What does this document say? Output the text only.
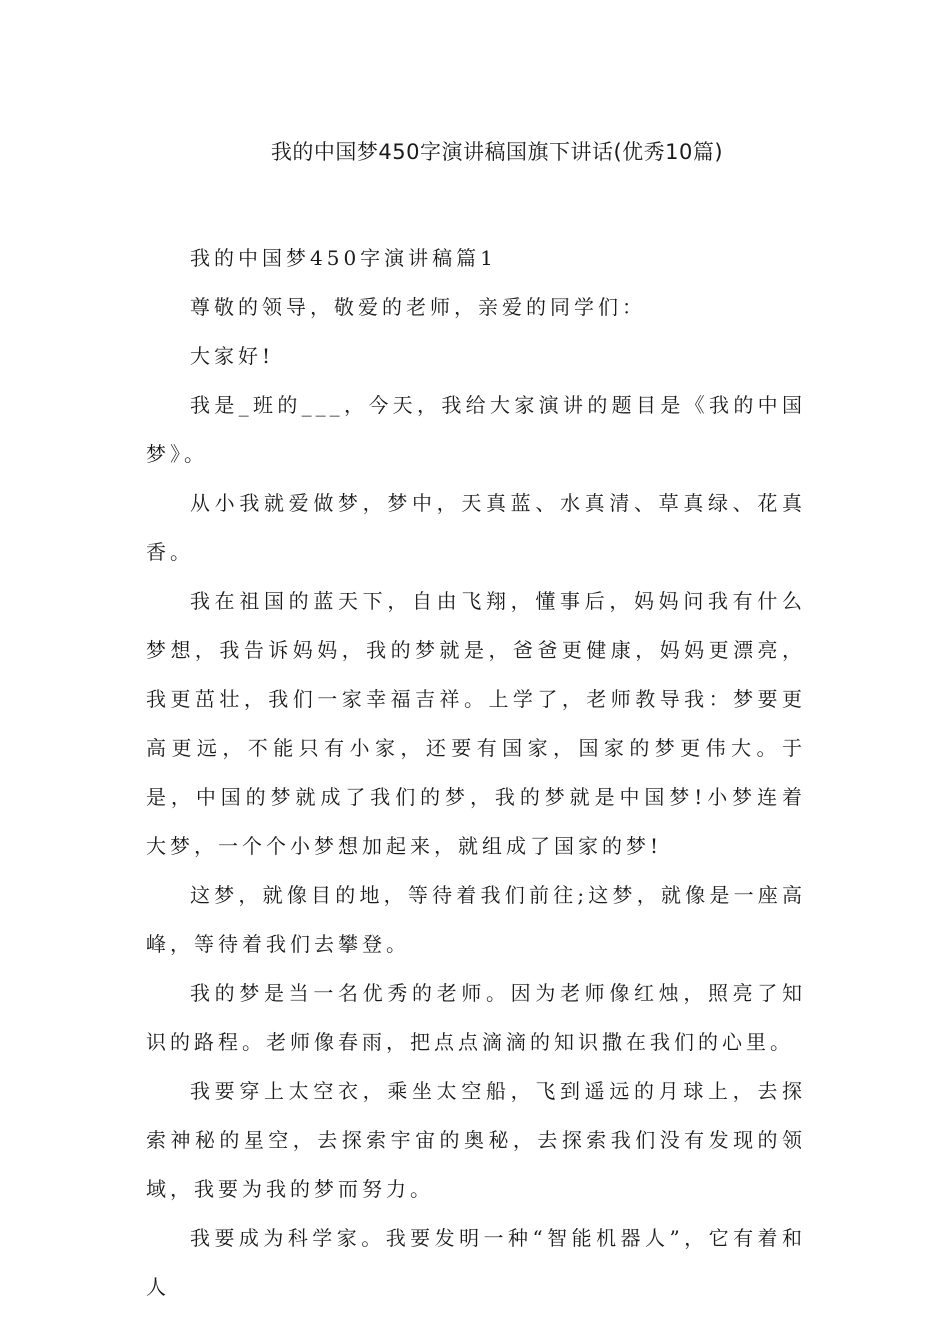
我的中国梦450字演讲稿国旗下讲话(优秀10篇)

我的中国梦450字演讲稿篇1

尊敬的领导，敬爱的老师，亲爱的同学们：

大家好!

我是_班的___，今天，我给大家演讲的题目是《我的中国梦》。

从小我就爱做梦，梦中，天真蓝、水真清、草真绿、花真香。

我在祖国的蓝天下，自由飞翔，懂事后，妈妈问我有什么梦想，我告诉妈妈，我的梦就是，爸爸更健康，妈妈更漂亮，我更茁壮，我们一家幸福吉祥。上学了，老师教导我：梦要更高更远，不能只有小家，还要有国家，国家的梦更伟大。于是，中国的梦就成了我们的梦，我的梦就是中国梦!小梦连着大梦，一个个小梦想加起来，就组成了国家的梦!

这梦，就像目的地，等待着我们前往;这梦，就像是一座高峰，等待着我们去攀登。

我的梦是当一名优秀的老师。因为老师像红烛，照亮了知识的路程。老师像春雨，把点点滴滴的知识撒在我们的心里。

我要穿上太空衣，乘坐太空船，飞到遥远的月球上，去探索神秘的星空，去探索宇宙的奥秘，去探索我们没有发现的领域，我要为我的梦而努力。

我要成为科学家。我要发明一种“智能机器人”，它有着和人
